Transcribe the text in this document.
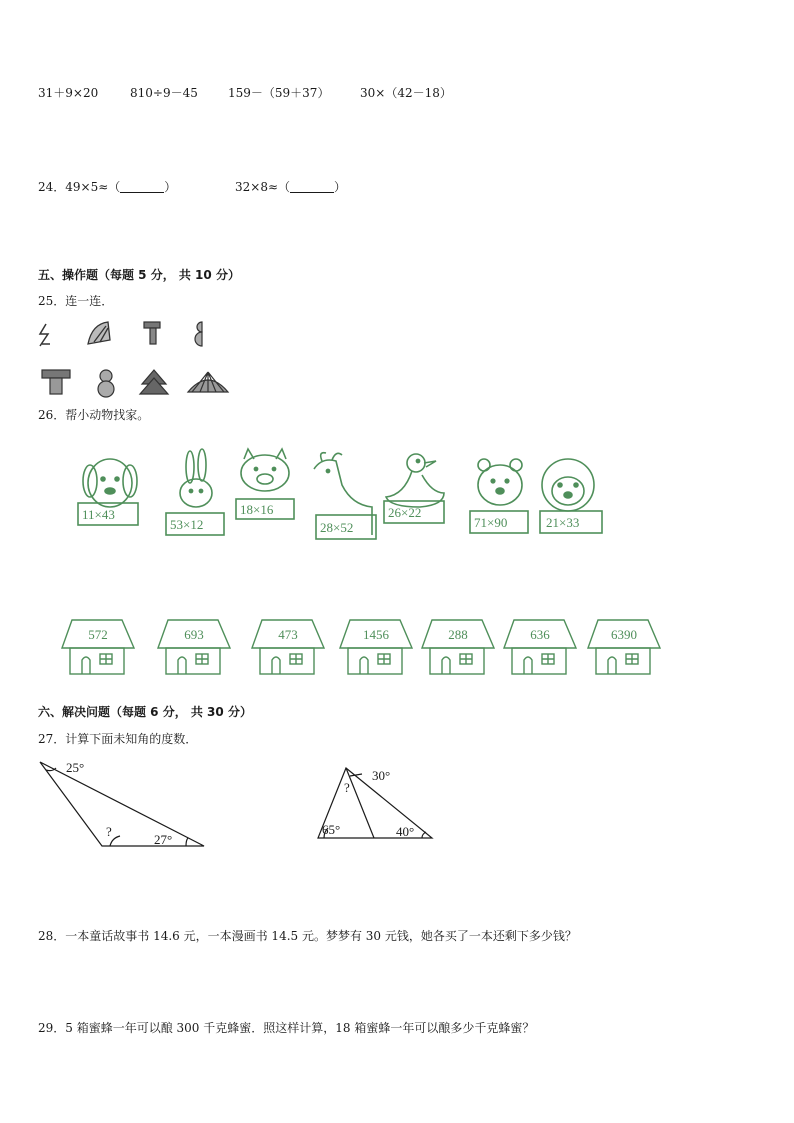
31＋9×20	810÷9－45	159－（59＋37）	30×（42－18）
24．49×5≈（	）	32×8≈（	）
五、操作题（每题 5 分， 共 10 分）
25．连一连．
26．帮小动物找家。
11×43
53×12
18×16
28×52
26×22
71×90	21×33
572	693	473	1456	288	636	6390
六、解决问题（每题 6 分， 共 30 分）
27．计算下面未知角的度数．
25°
?
27°
30°
?
65°	40°
28．一本童话故事书 14.6 元，一本漫画书 14.5 元。梦梦有 30 元钱，她各买了一本还剩下多少钱？
29．5 箱蜜蜂一年可以酿 300 千克蜂蜜．照这样计算，18 箱蜜蜂一年可以酿多少千克蜂蜜？
